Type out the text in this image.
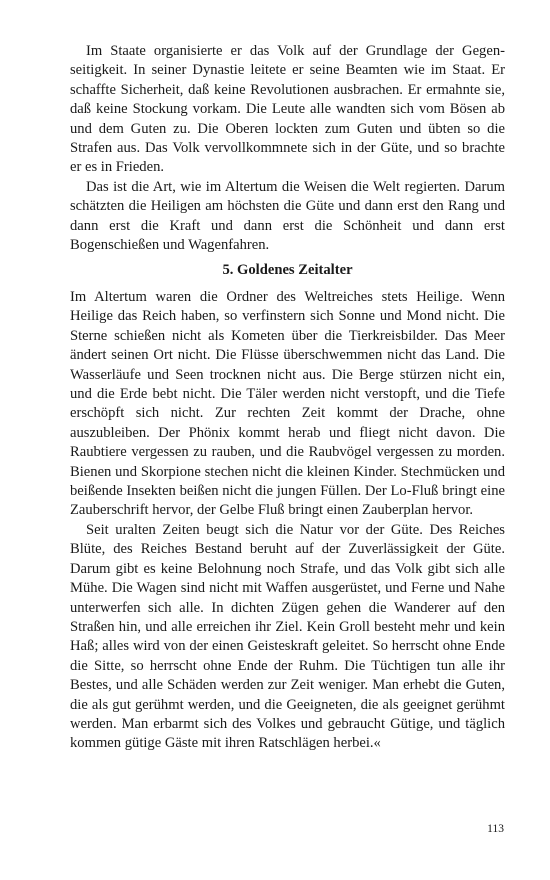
Im Staate organisierte er das Volk auf der Grundlage der Gegenseitigkeit. In seiner Dynastie leitete er seine Beamten wie im Staat. Er schaffte Sicherheit, daß keine Revolutionen ausbrachen. Er ermahnte sie, daß keine Stockung vorkam. Die Leute alle wandten sich vom Bösen ab und dem Guten zu. Die Oberen lockten zum Guten und übten so die Strafen aus. Das Volk vervollkommnete sich in der Güte, und so brachte er es in Frieden.

Das ist die Art, wie im Altertum die Weisen die Welt regierten. Darum schätzten die Heiligen am höchsten die Güte und dann erst den Rang und dann erst die Kraft und dann erst die Schönheit und dann erst Bogenschießen und Wagenfahren.

5. Goldenes Zeitalter

Im Altertum waren die Ordner des Weltreiches stets Heilige. Wenn Heilige das Reich haben, so verfinstern sich Sonne und Mond nicht. Die Sterne schießen nicht als Kometen über die Tierkreisbilder. Das Meer ändert seinen Ort nicht. Die Flüsse überschwemmen nicht das Land. Die Wasserläufe und Seen trocknen nicht aus. Die Berge stürzen nicht ein, und die Erde bebt nicht. Die Täler werden nicht verstopft, und die Tiefe erschöpft sich nicht. Zur rechten Zeit kommt der Drache, ohne auszubleiben. Der Phönix kommt herab und fliegt nicht davon. Die Raubtiere vergessen zu rauben, und die Raubvögel vergessen zu morden. Bienen und Skorpione stechen nicht die kleinen Kinder. Stechmücken und beißende Insekten beißen nicht die jungen Füllen. Der Lo-Fluß bringt eine Zauberschrift hervor, der Gelbe Fluß bringt einen Zauberplan hervor.

Seit uralten Zeiten beugt sich die Natur vor der Güte. Des Reiches Blüte, des Reiches Bestand beruht auf der Zuverlässigkeit der Güte. Darum gibt es keine Belohnung noch Strafe, und das Volk gibt sich alle Mühe. Die Wagen sind nicht mit Waffen ausgerüstet, und Ferne und Nahe unterwerfen sich alle. In dichten Zügen gehen die Wanderer auf den Straßen hin, und alle erreichen ihr Ziel. Kein Groll besteht mehr und kein Haß; alles wird von der einen Geisteskraft geleitet. So herrscht ohne Ende die Sitte, so herrscht ohne Ende der Ruhm. Die Tüchtigen tun alle ihr Bestes, und alle Schäden werden zur Zeit weniger. Man erhebt die Guten, die als gut gerühmt werden, und die Geeigneten, die als geeignet gerühmt werden. Man erbarmt sich des Volkes und gebraucht Gütige, und täglich kommen gütige Gäste mit ihren Ratschlägen herbei.«

113
